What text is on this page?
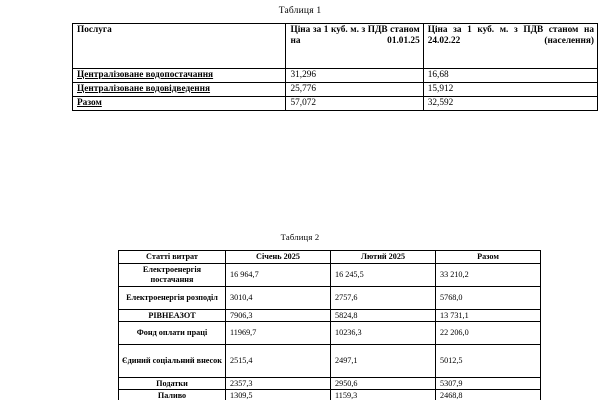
Таблиця 1
Послуга	Ціна за 1 куб. м. з ПДВ станом на 01.01.25	Ціна за 1 куб. м. з ПДВ станом на 24.02.22 (населення)
Централізоване водопостачання	31,296	16,68
Централізоване водовідведення	25,776	15,912
Разом	57,072	32,592
Таблиця 2
Статті витрат	Січень 2025	Лютий 2025	Разом
Електроенергія постачання	16 964,7	16 245,5	33 210,2
Електроенергія розподіл	3010,4	2757,6	5768,0
РІВНЕАЗОТ	7906,3	5824,8	13 731,1
Фонд оплати праці	11969,7	10236,3	22 206,0
Єдиний соціальний внесок	2515,4	2497,1	5012,5
Податки	2357,3	2950,6	5307,9
Паливо	1309,5	1159,3	2468,8
